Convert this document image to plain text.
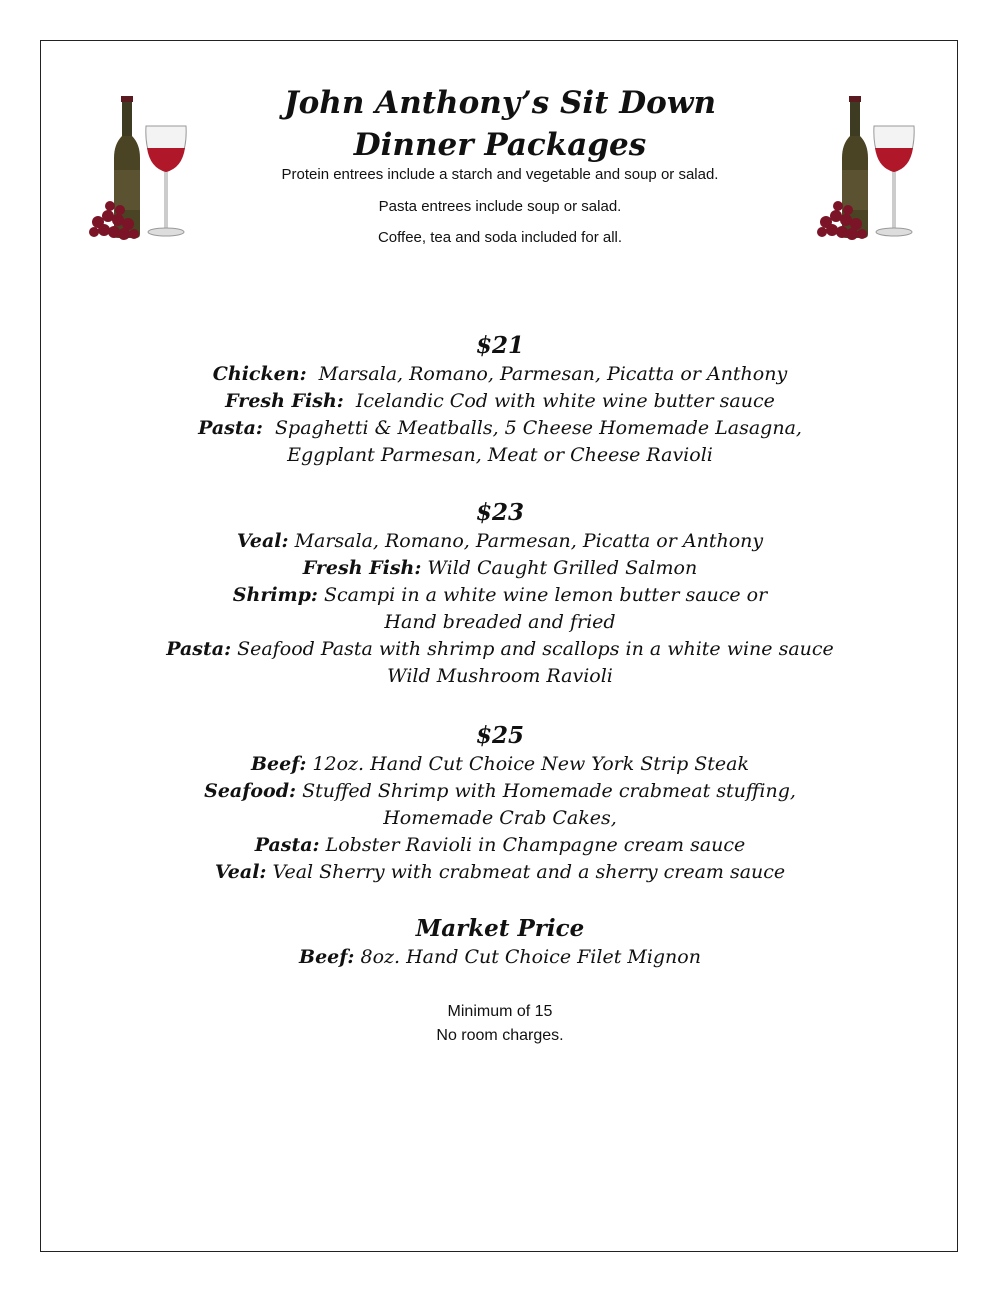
John Anthony’s Sit Down
Dinner Packages
Protein entrees include a starch and vegetable and soup or salad.
Pasta entrees include soup or salad.
Coffee, tea and soda included for all.
$21
Chicken:  Marsala, Romano, Parmesan, Picatta or Anthony
Fresh Fish:  Icelandic Cod with white wine butter sauce
Pasta:  Spaghetti & Meatballs, 5 Cheese Homemade Lasagna,
Eggplant Parmesan, Meat or Cheese Ravioli
$23
Veal: Marsala, Romano, Parmesan, Picatta or Anthony
Fresh Fish: Wild Caught Grilled Salmon
Shrimp: Scampi in a white wine lemon butter sauce or
Hand breaded and fried
Pasta: Seafood Pasta with shrimp and scallops in a white wine sauce
Wild Mushroom Ravioli
$25
Beef: 12oz. Hand Cut Choice New York Strip Steak
Seafood: Stuffed Shrimp with Homemade crabmeat stuffing,
Homemade Crab Cakes,
Pasta: Lobster Ravioli in Champagne cream sauce
Veal: Veal Sherry with crabmeat and a sherry cream sauce
Market Price
Beef: 8oz. Hand Cut Choice Filet Mignon
Minimum of 15
No room charges.
